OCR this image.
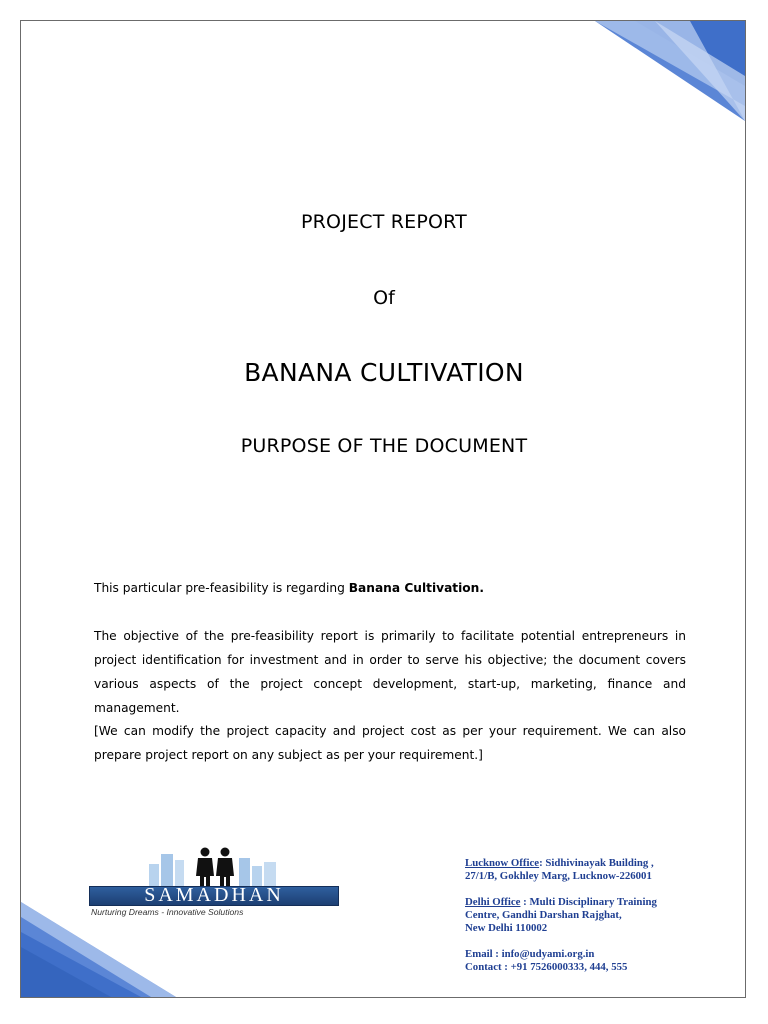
PROJECT REPORT
Of
BANANA CULTIVATION
PURPOSE OF THE DOCUMENT
This particular pre-feasibility is regarding Banana Cultivation.
The objective of the pre-feasibility report is primarily to facilitate potential entrepreneurs in project identification for investment and in order to serve his objective; the document covers various aspects of the project concept development, start-up, marketing, finance and management.
[We can modify the project capacity and project cost as per your requirement. We can also prepare project report on any subject as per your requirement.]
SAMADHAN
Nurturing Dreams - Innovative Solutions
Lucknow Office: Sidhivinayak Building ,
27/1/B, Gokhley Marg, Lucknow-226001
Delhi Office : Multi Disciplinary Training
Centre, Gandhi Darshan Rajghat,
New Delhi 110002
Email : info@udyami.org.in
Contact : +91 7526000333, 444, 555
